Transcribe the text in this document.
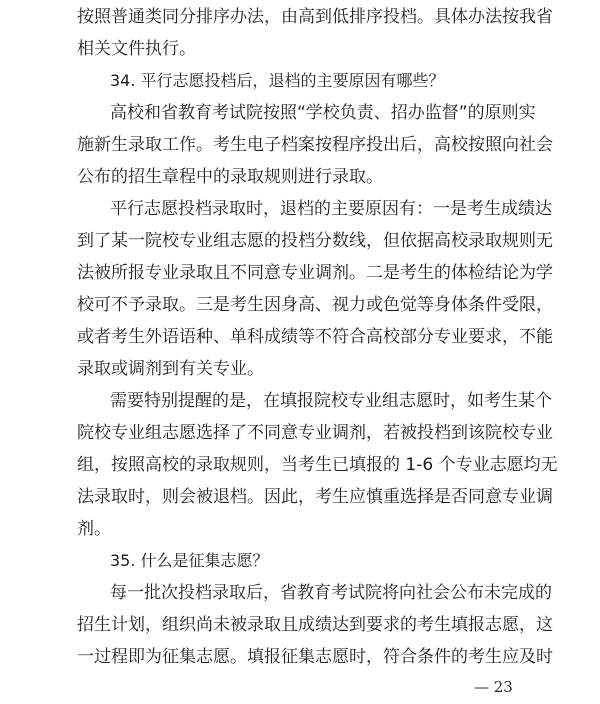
按照普通类同分排序办法，由高到低排序投档。具体办法按我省
相关文件执行。
34. 平行志愿投档后，退档的主要原因有哪些？
高校和省教育考试院按照“学校负责、招办监督”的原则实
施新生录取工作。考生电子档案按程序投出后，高校按照向社会
公布的招生章程中的录取规则进行录取。
平行志愿投档录取时，退档的主要原因有：一是考生成绩达
到了某一院校专业组志愿的投档分数线，但依据高校录取规则无
法被所报专业录取且不同意专业调剂。二是考生的体检结论为学
校可不予录取。三是考生因身高、视力或色觉等身体条件受限，
或者考生外语语种、单科成绩等不符合高校部分专业要求，不能
录取或调剂到有关专业。
需要特别提醒的是，在填报院校专业组志愿时，如考生某个
院校专业组志愿选择了不同意专业调剂，若被投档到该院校专业
组，按照高校的录取规则，当考生已填报的 1-6 个专业志愿均无
法录取时，则会被退档。因此，考生应慎重选择是否同意专业调
剂。
35. 什么是征集志愿？
每一批次投档录取后，省教育考试院将向社会公布未完成的
招生计划，组织尚未被录取且成绩达到要求的考生填报志愿，这
一过程即为征集志愿。填报征集志愿时，符合条件的考生应及时
— 23
